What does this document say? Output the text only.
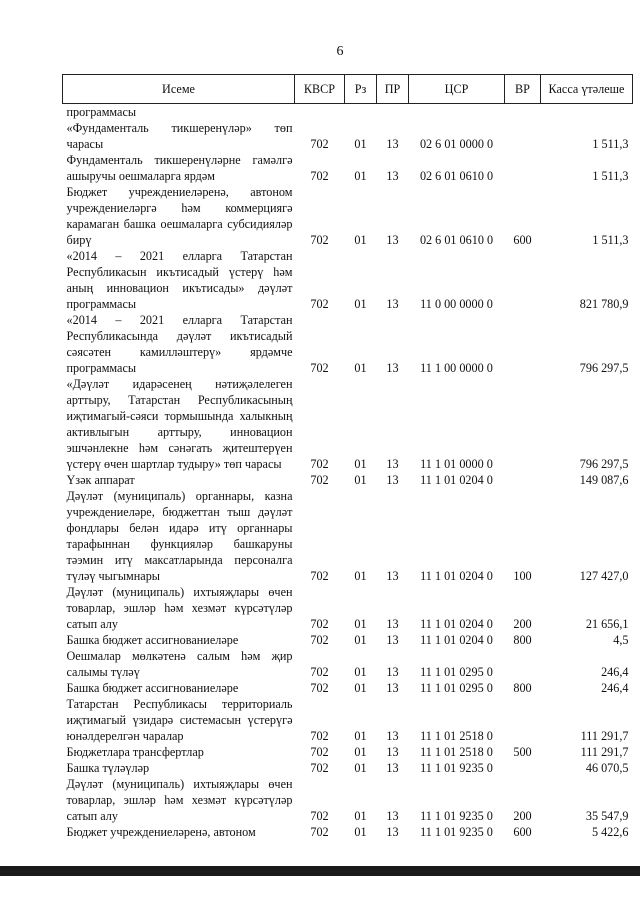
6
Исеме	КВСР	Рз	ПР	ЦСР	ВР	Касса үтәлеше
программасы						
«Фундаменталь тикшеренүләр» төп чарасы	702	01	13	02 6 01 0000 0		1 511,3
Фундаменталь тикшеренүләрне гамәлгә ашыручы оешмаларга ярдәм	702	01	13	02 6 01 0610 0		1 511,3
Бюджет учреждениеләренә, автоном учреждениеләргә һәм коммерциягә карамаган башка оешмаларга субсидияләр бирү	702	01	13	02 6 01 0610 0	600	1 511,3
«2014 – 2021 елларга Татарстан Республикасын икътисадый үстерү һәм аның инновацион икътисады» дәүләт программасы	702	01	13	11 0 00 0000 0		821 780,9
«2014 – 2021 елларга Татарстан Республикасында дәүләт икътисадый сәясәтен камилләштерү» ярдәмче программасы	702	01	13	11 1 00 0000 0		796 297,5
«Дәүләт идарәсенең нәтиҗәлелеген арттыру, Татарстан Республикасының иҗтимагый-сәяси тормышында халыкның активлыгын арттыру, инновацион эшчәнлекне һәм сәнәгать җитештерүен үстерү өчен шартлар тудыру» төп чарасы	702	01	13	11 1 01 0000 0		796 297,5
Үзәк аппарат	702	01	13	11 1 01 0204 0		149 087,6
Дәүләт (муниципаль) органнары, казна учреждениеләре, бюджеттан тыш дәүләт фондлары белән идарә итү органнары тарафыннан функцияләр башкаруны тәэмин итү максатларында персоналга түләү чыгымнары	702	01	13	11 1 01 0204 0	100	127 427,0
Дәүләт (муниципаль) ихтыяҗлары өчен товарлар, эшләр һәм хезмәт күрсәтүләр сатып алу	702	01	13	11 1 01 0204 0	200	21 656,1
Башка бюджет ассигнованиеләре	702	01	13	11 1 01 0204 0	800	4,5
Оешмалар мөлкәтенә салым һәм җир салымы түләү	702	01	13	11 1 01 0295 0		246,4
Башка бюджет ассигнованиеләре	702	01	13	11 1 01 0295 0	800	246,4
Татарстан Республикасы территориаль иҗтимагый үзидарә системасын үстерүгә юнәлдерелгән чаралар	702	01	13	11 1 01 2518 0		111 291,7
Бюджетлара трансфертлар	702	01	13	11 1 01 2518 0	500	111 291,7
Башка түләүләр	702	01	13	11 1 01 9235 0		46 070,5
Дәүләт (муниципаль) ихтыяҗлары өчен товарлар, эшләр һәм хезмәт күрсәтүләр сатып алу	702	01	13	11 1 01 9235 0	200	35 547,9
Бюджет учреждениеләренә, автоном	702	01	13	11 1 01 9235 0	600	5 422,6
